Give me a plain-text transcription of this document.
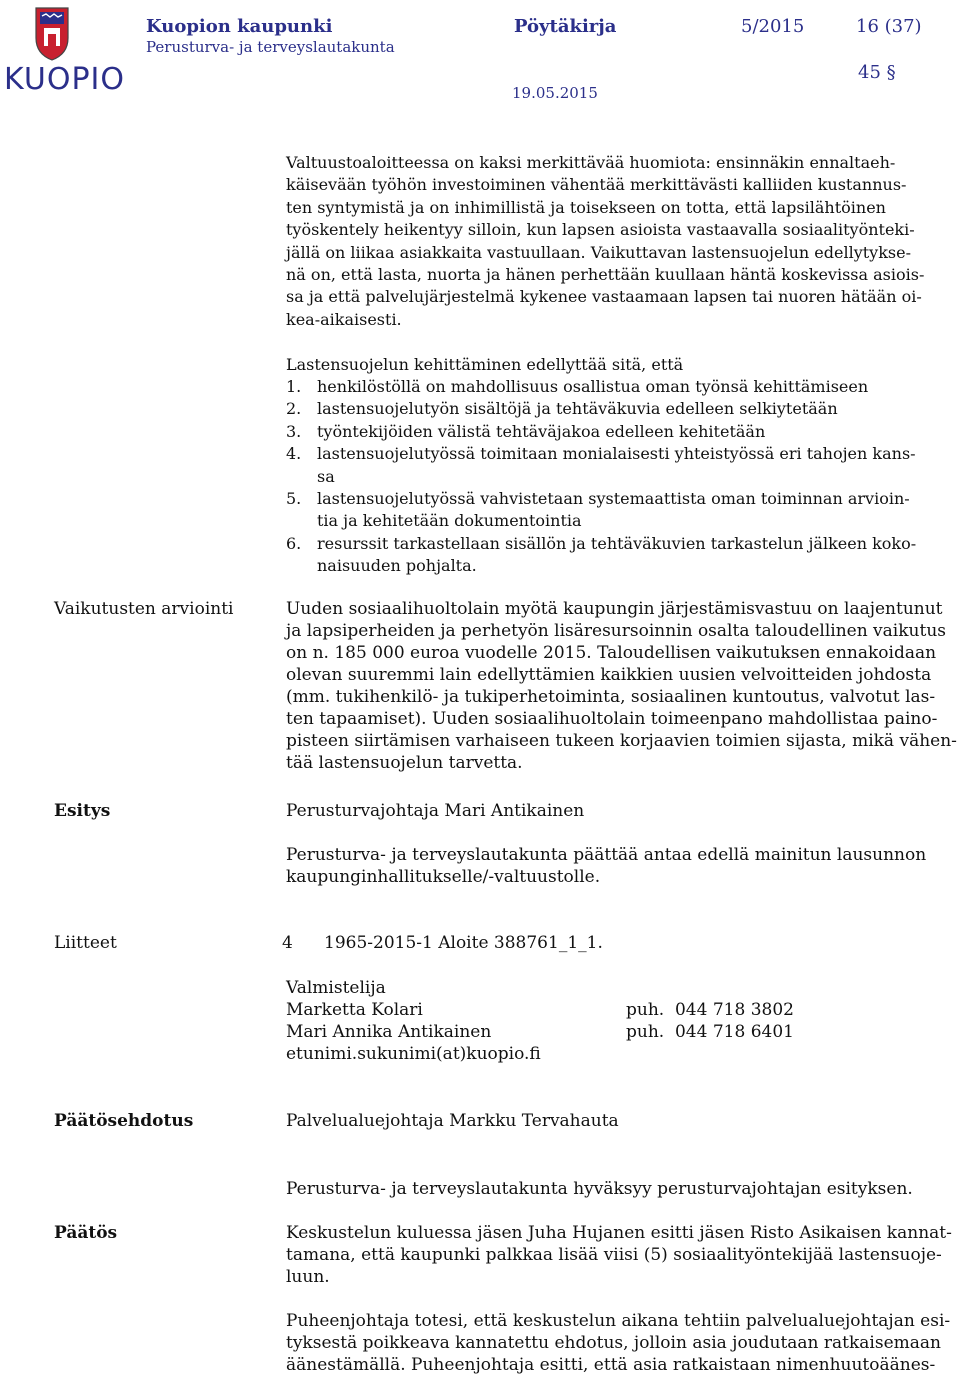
KUOPIO
Kuopion kaupunki
Perusturva- ja terveyslautakunta
Pöytäkirja	5/2015	16 (37)
45 §
19.05.2015
Valtuustoaloitteessa on kaksi merkittävää huomiota: ensinnäkin ennaltaeh-
käisevään työhön investoiminen vähentää merkittävästi kalliiden kustannus-
ten syntymistä ja on inhimillistä ja toisekseen on totta, että lapsilähtöinen
työskentely heikentyy silloin, kun lapsen asioista vastaavalla sosiaalityönteki-
jällä on liikaa asiakkaita vastuullaan. Vaikuttavan lastensuojelun edellytykse-
nä on, että lasta, nuorta ja hänen perhettään kuullaan häntä koskevissa asiois-
sa ja että palvelujärjestelmä kykenee vastaamaan lapsen tai nuoren hätään oi-
kea-aikaisesti.
Lastensuojelun kehittäminen edellyttää sitä, että
1. henkilöstöllä on mahdollisuus osallistua oman työnsä kehittämiseen
2. lastensuojelutyön sisältöjä ja tehtäväkuvia edelleen selkiytetään
3. työntekijöiden välistä tehtäväjakoa edelleen kehitetään
4. lastensuojelutyössä toimitaan monialaisesti yhteistyössä eri tahojen kans-
sa
5. lastensuojelutyössä vahvistetaan systemaattista oman toiminnan arvioin-
tia ja kehitetään dokumentointia
6. resurssit tarkastellaan sisällön ja tehtäväkuvien tarkastelun jälkeen koko-
naisuuden pohjalta.
Vaikutusten arviointi	Uuden sosiaalihuoltolain myötä kaupungin järjestämisvastuu on laajentunut
ja lapsiperheiden ja perhetyön lisäresursoinnin osalta taloudellinen vaikutus
on n. 185 000 euroa vuodelle 2015. Taloudellisen vaikutuksen ennakoidaan
olevan suuremmi lain edellyttämien kaikkien uusien velvoitteiden johdosta
(mm. tukihenkilö- ja tukiperhetoiminta, sosiaalinen kuntoutus, valvotut las-
ten tapaamiset). Uuden sosiaalihuoltolain toimeenpano mahdollistaa paino-
pisteen siirtämisen varhaiseen tukeen korjaavien toimien sijasta, mikä vähen-
tää lastensuojelun tarvetta.
Esitys	Perusturvajohtaja Mari Antikainen
Perusturva- ja terveyslautakunta päättää antaa edellä mainitun lausunnon
kaupunginhallitukselle/-valtuustolle.
Liitteet	4 1965-2015-1 Aloite 388761_1_1.
Valmistelija
Marketta Kolari	puh.  044 718 3802
Mari Annika Antikainen	puh.  044 718 6401
etunimi.sukunimi(at)kuopio.fi
Päätösehdotus	Palvelualuejohtaja Markku Tervahauta
Perusturva- ja terveyslautakunta hyväksyy perusturvajohtajan esityksen.
Päätös	Keskustelun kuluessa jäsen Juha Hujanen esitti jäsen Risto Asikaisen kannat-
tamana, että kaupunki palkkaa lisää viisi (5) sosiaalityöntekijää lastensuoje-
luun.
Puheenjohtaja totesi, että keskustelun aikana tehtiin palvelualuejohtajan esi-
tyksestä poikkeava kannatettu ehdotus, jolloin asia joudutaan ratkaisemaan
äänestämällä. Puheenjohtaja esitti, että asia ratkaistaan nimenhuutoäänes-
